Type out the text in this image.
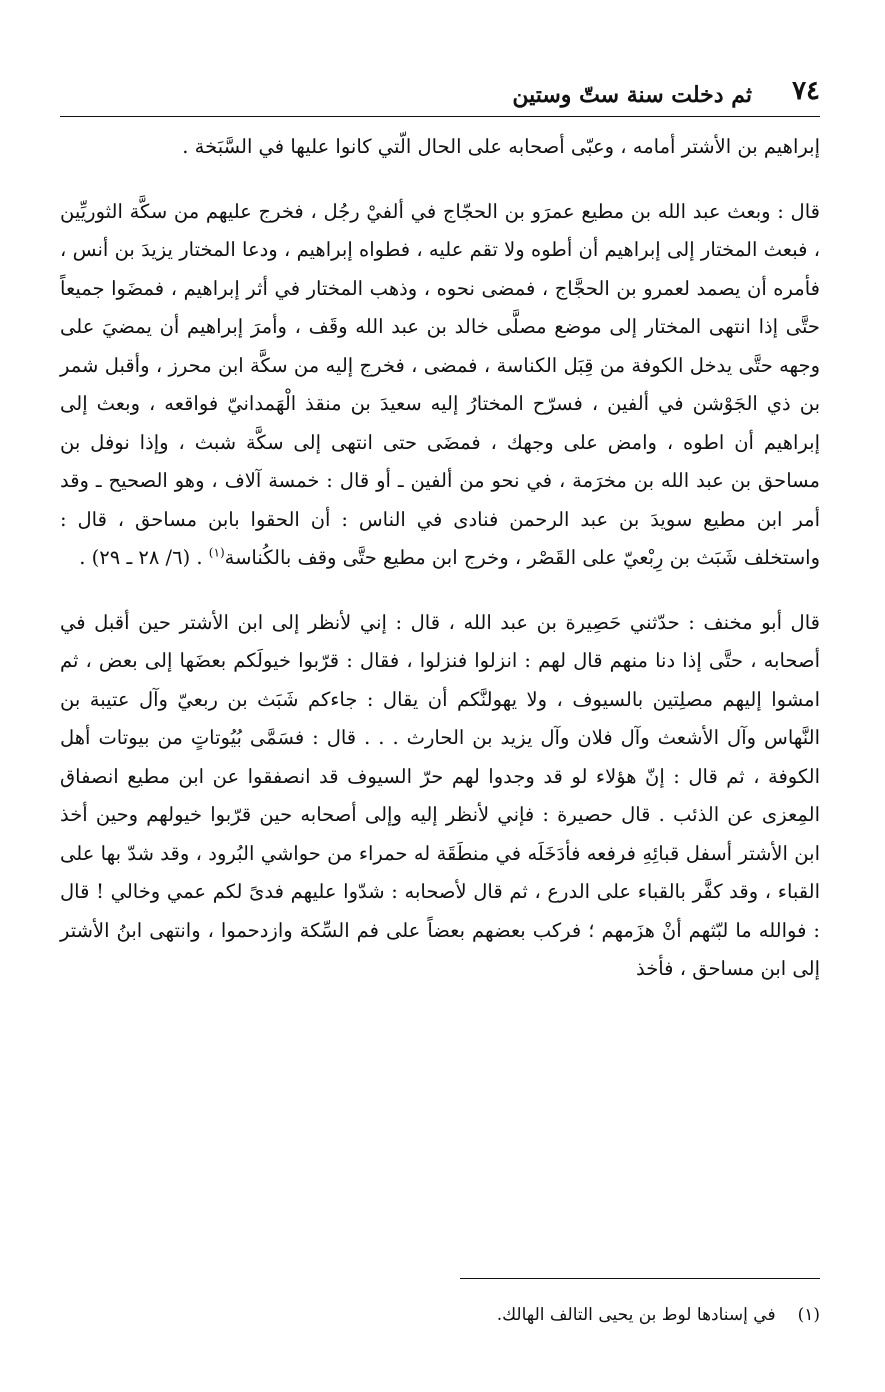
٧٤
ثم دخلت سنة ستّ وستين

إبراهيم بن الأشتر أمامه ، وعبّى أصحابه على الحال الّتي كانوا عليها في السَّبَخة .

قال : وبعث عبد الله بن مطيع عمرَو بن الحجّاج في ألفيْ رجُل ، فخرج عليهم من سكَّة الثوريِّين ، فبعث المختار إلى إبراهيم أن أطوه ولا تقم عليه ، فطواه إبراهيم ، ودعا المختار يزيدَ بن أنس ، فأمره أن يصمد لعمرو بن الحجَّاج ، فمضى نحوه ، وذهب المختار في أثر إبراهيم ، فمضَوا جميعاً حتَّى إذا انتهى المختار إلى موضع مصلَّى خالد بن عبد الله وقَف ، وأمرَ إبراهيم أن يمضيَ على وجهه حتَّى يدخل الكوفة من قِبَل الكناسة ، فمضى ، فخرج إليه من سكَّة ابن محرز ، وأقبل شمر بن ذي الجَوْشن في ألفين ، فسرّح المختارُ إليه سعيدَ بن منقذ الْهَمدانيّ فواقعه ، وبعث إلى إبراهيم أن اطوه ، وامض على وجهك ، فمضَى حتى انتهى إلى سكَّة شبث ، وإذا نوفل بن مساحق بن عبد الله بن مخرَمة ، في نحو من ألفين ـ أو قال : خمسة آلاف ، وهو الصحيح ـ وقد أمر ابن مطيع سويدَ بن عبد الرحمن فنادى في الناس : أن الحقوا بابن مساحق ، قال : واستخلف شَبَث بن رِبْعيّ على القَصْر ، وخرج ابن مطيع حتَّى وقف بالكُناسة$^{(١)}$ . (٦/ ٢٨ ـ ٢٩) .

قال أبو مخنف : حدّثني حَصِيرة بن عبد الله ، قال : إني لأنظر إلى ابن الأشتر حين أقبل في أصحابه ، حتَّى إذا دنا منهم قال لهم : انزلوا فنزلوا ، فقال : قرّبوا خيولَكم بعضَها إلى بعض ، ثم امشوا إليهم مصلِتين بالسيوف ، ولا يهولنَّكم أن يقال : جاءكم شَبَث بن ربعيّ وآل عتيبة بن النَّهاس وآل الأشعث وآل فلان وآل يزيد بن الحارث . . . قال : فسَمَّى بُيُوتاتٍ من بيوتات أهل الكوفة ، ثم قال : إنّ هؤلاء لو قد وجدوا لهم حرّ السيوف قد انصفقوا عن ابن مطيع انصفاق المِعزى عن الذئب . قال حصيرة : فإني لأنظر إليه وإلى أصحابه حين قرّبوا خيولهم وحين أخذ ابن الأشتر أسفل قبائِهِ فرفعه فأدَخَلَه في منطَقَة له حمراء من حواشي البُرود ، وقد شدّ بها على القباء ، وقد كفَّر بالقباء على الدرع ، ثم قال لأصحابه : شدّوا عليهم فدىً لكم عمي وخالي ! قال : فوالله ما لبّثهم أنْ هزَمهم ؛ فركب بعضهم بعضاً على فم السِّكة وازدحموا ، وانتهى ابنُ الأشتر إلى ابن مساحق ، فأخذ

(١)في إسنادها لوط بن يحيى التالف الهالك.
